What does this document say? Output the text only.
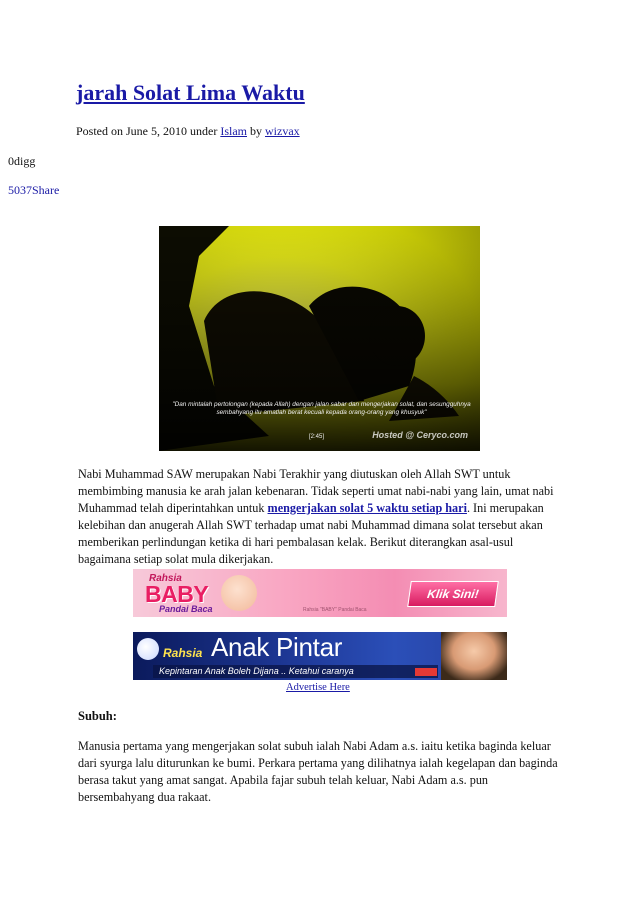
jarah Solat Lima Waktu
Posted on June 5, 2010 under Islam by wizvax
0digg
5037Share
"Dan mintalah pertolongan (kepada Allah) dengan jalan sabar dan mengerjakan solat, dan sesungguhnya sembahyang itu amatlah berat kecuali kepada orang-orang yang khusyuk"
[2:45]	Hosted @ Ceryco.com

Nabi Muhammad SAW merupakan Nabi Terakhir yang diutuskan oleh Allah SWT untuk membimbing manusia ke arah jalan kebenaran. Tidak seperti umat nabi-nabi yang lain, umat nabi Muhammad telah diperintahkan untuk mengerjakan solat 5 waktu setiap hari. Ini merupakan kelebihan dan anugerah Allah SWT terhadap umat nabi Muhammad dimana solat tersebut akan memberikan perlindungan ketika di hari pembalasan kelak. Berikut diterangkan asal-usul bagaimana setiap solat mula dikerjakan.

Rahsia
BABY
Pandai Baca	Rahsia "BABY" Pandai Baca
Klik Sini!
Rahsia Anak Pintar
Kepintaran Anak Boleh Dijana .. Ketahui caranya
Advertise Here
Subuh:

Manusia pertama yang mengerjakan solat subuh ialah Nabi Adam a.s. iaitu ketika baginda keluar dari syurga lalu diturunkan ke bumi. Perkara pertama yang dilihatnya ialah kegelapan dan baginda berasa takut yang amat sangat. Apabila fajar subuh telah keluar, Nabi Adam a.s. pun bersembahyang dua rakaat.
